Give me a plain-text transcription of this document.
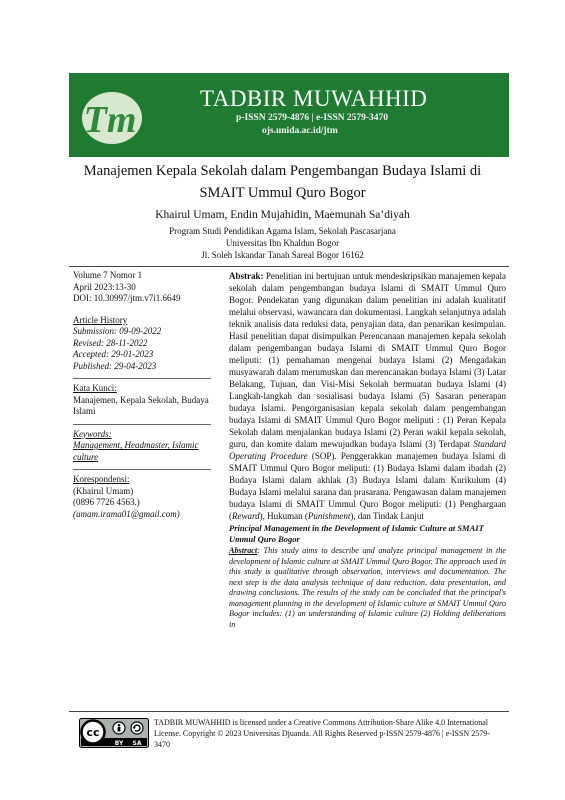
Tm
TADBIR MUWAHHID
p-ISSN 2579-4876 | e-ISSN 2579-3470
ojs.unida.ac.id/jtm
Manajemen Kepala Sekolah dalam Pengembangan Budaya Islami di
SMAIT Ummul Quro Bogor
Khairul Umam, Endin Mujahidin, Maemunah Sa’diyah
Program Studi Pendidikan Agama Islam, Sekolah Pascasarjana
Universitas Ibn Khaldun Bogor
Jl. Soleh Iskandar Tanah Sareal Bogor 16162
Volume 7 Nomor 1
April 2023:13-30
DOI: 10.30997/jtm.v7i1.6649
Article History
Submission: 09-09-2022
Revised: 28-11-2022
Accepted: 29-01-2023
Published: 29-04-2023
Kata Kunci:
Manajemen, Kepala Sekolah, Budaya Islami
Keywords:
Management, Headmaster, Islamic culture
Korespondensi:
(Khairul Umam)
(0896 7726 4563.)
(umam.irama01@gmail.com)
Abstrak: Penelitian ini bertujuan untuk mendeskripsikan manajemen kepala sekolah dalam pengembangan budaya Islami di SMAIT Ummul Quro Bogor. Pendekatan yang digunakan dalam penelitian ini adalah kualitatif melalui observasi, wawancara dan dokumentasi. Langkah selanjutnya adalah teknik analisis data reduksi data, penyajian data, dan penarikan kesimpulan. Hasil penelitian dapat disimpulkan Perencanaan manajemen kepala sekolah dalam pengembangan budaya Islami di SMAIT Ummul Quro Bogor meliputi: (1) pemahaman mengenai budaya Islami (2) Mengadakan musyawarah dalam merumuskan dan merencanakan budaya Islami (3) Latar Belakang, Tujuan, dan Visi-Misi Sekolah bermuatan budaya Islami (4) Langkah-langkah dan sosialisasi budaya Islami (5) Sasaran penerapan budaya Islami. Pengorganisasian kepala sekolah dalam pengembangan budaya Islami di SMAIT Ummul Quro Bogor meliputi : (1) Peran Kepala Sekolah dalam menjalankan budaya Islami (2) Peran wakil kepala sekolah, guru, dan komite dalam mewujudkan budaya Islami (3) Terdapat Standard Operating Procedure (SOP). Penggerakkan manajemen budaya Islami di SMAIT Ummul Quro Bogor meliputi: (1) Budaya Islami dalam ibadah (2) Budaya Islami dalam akhlak (3) Budaya Islami dalam Kurikulum (4) Budaya Islami melalui sarana dan prasarana. Pengawasan dalam manajemen budaya Islami di SMAIT Ummul Quro Bogor meliputi: (1) Penghargaan (Reward), Hukuman (Punishment), dan Tindak Lanjut
Principal Management in the Development of Islamic Culture at SMAIT Ummul Quro Bogor
Abstract: This study aims to describe and analyze principal management in the development of Islamic culture at SMAIT Ummul Quro Bogor. The approach used in this study is qualitative through observation, interviews and documentation. The next step is the data analysis technique of data reduction, data presentation, and drawing conclusions. The results of the study can be concluded that the principal's management planning in the development of Islamic culture at SMAIT Ummul Quro Bogor includes: (1) an understanding of Islamic culture (2) Holding deliberations in
cc
BY SA
TADBIR MUWAHHID is licensed under a Creative Commons Attribution-Share Alike 4.0 International License. Copyright © 2023 Universitas Djuanda. All Rights Reserved p-ISSN 2579-4876 | e-ISSN 2579-3470
